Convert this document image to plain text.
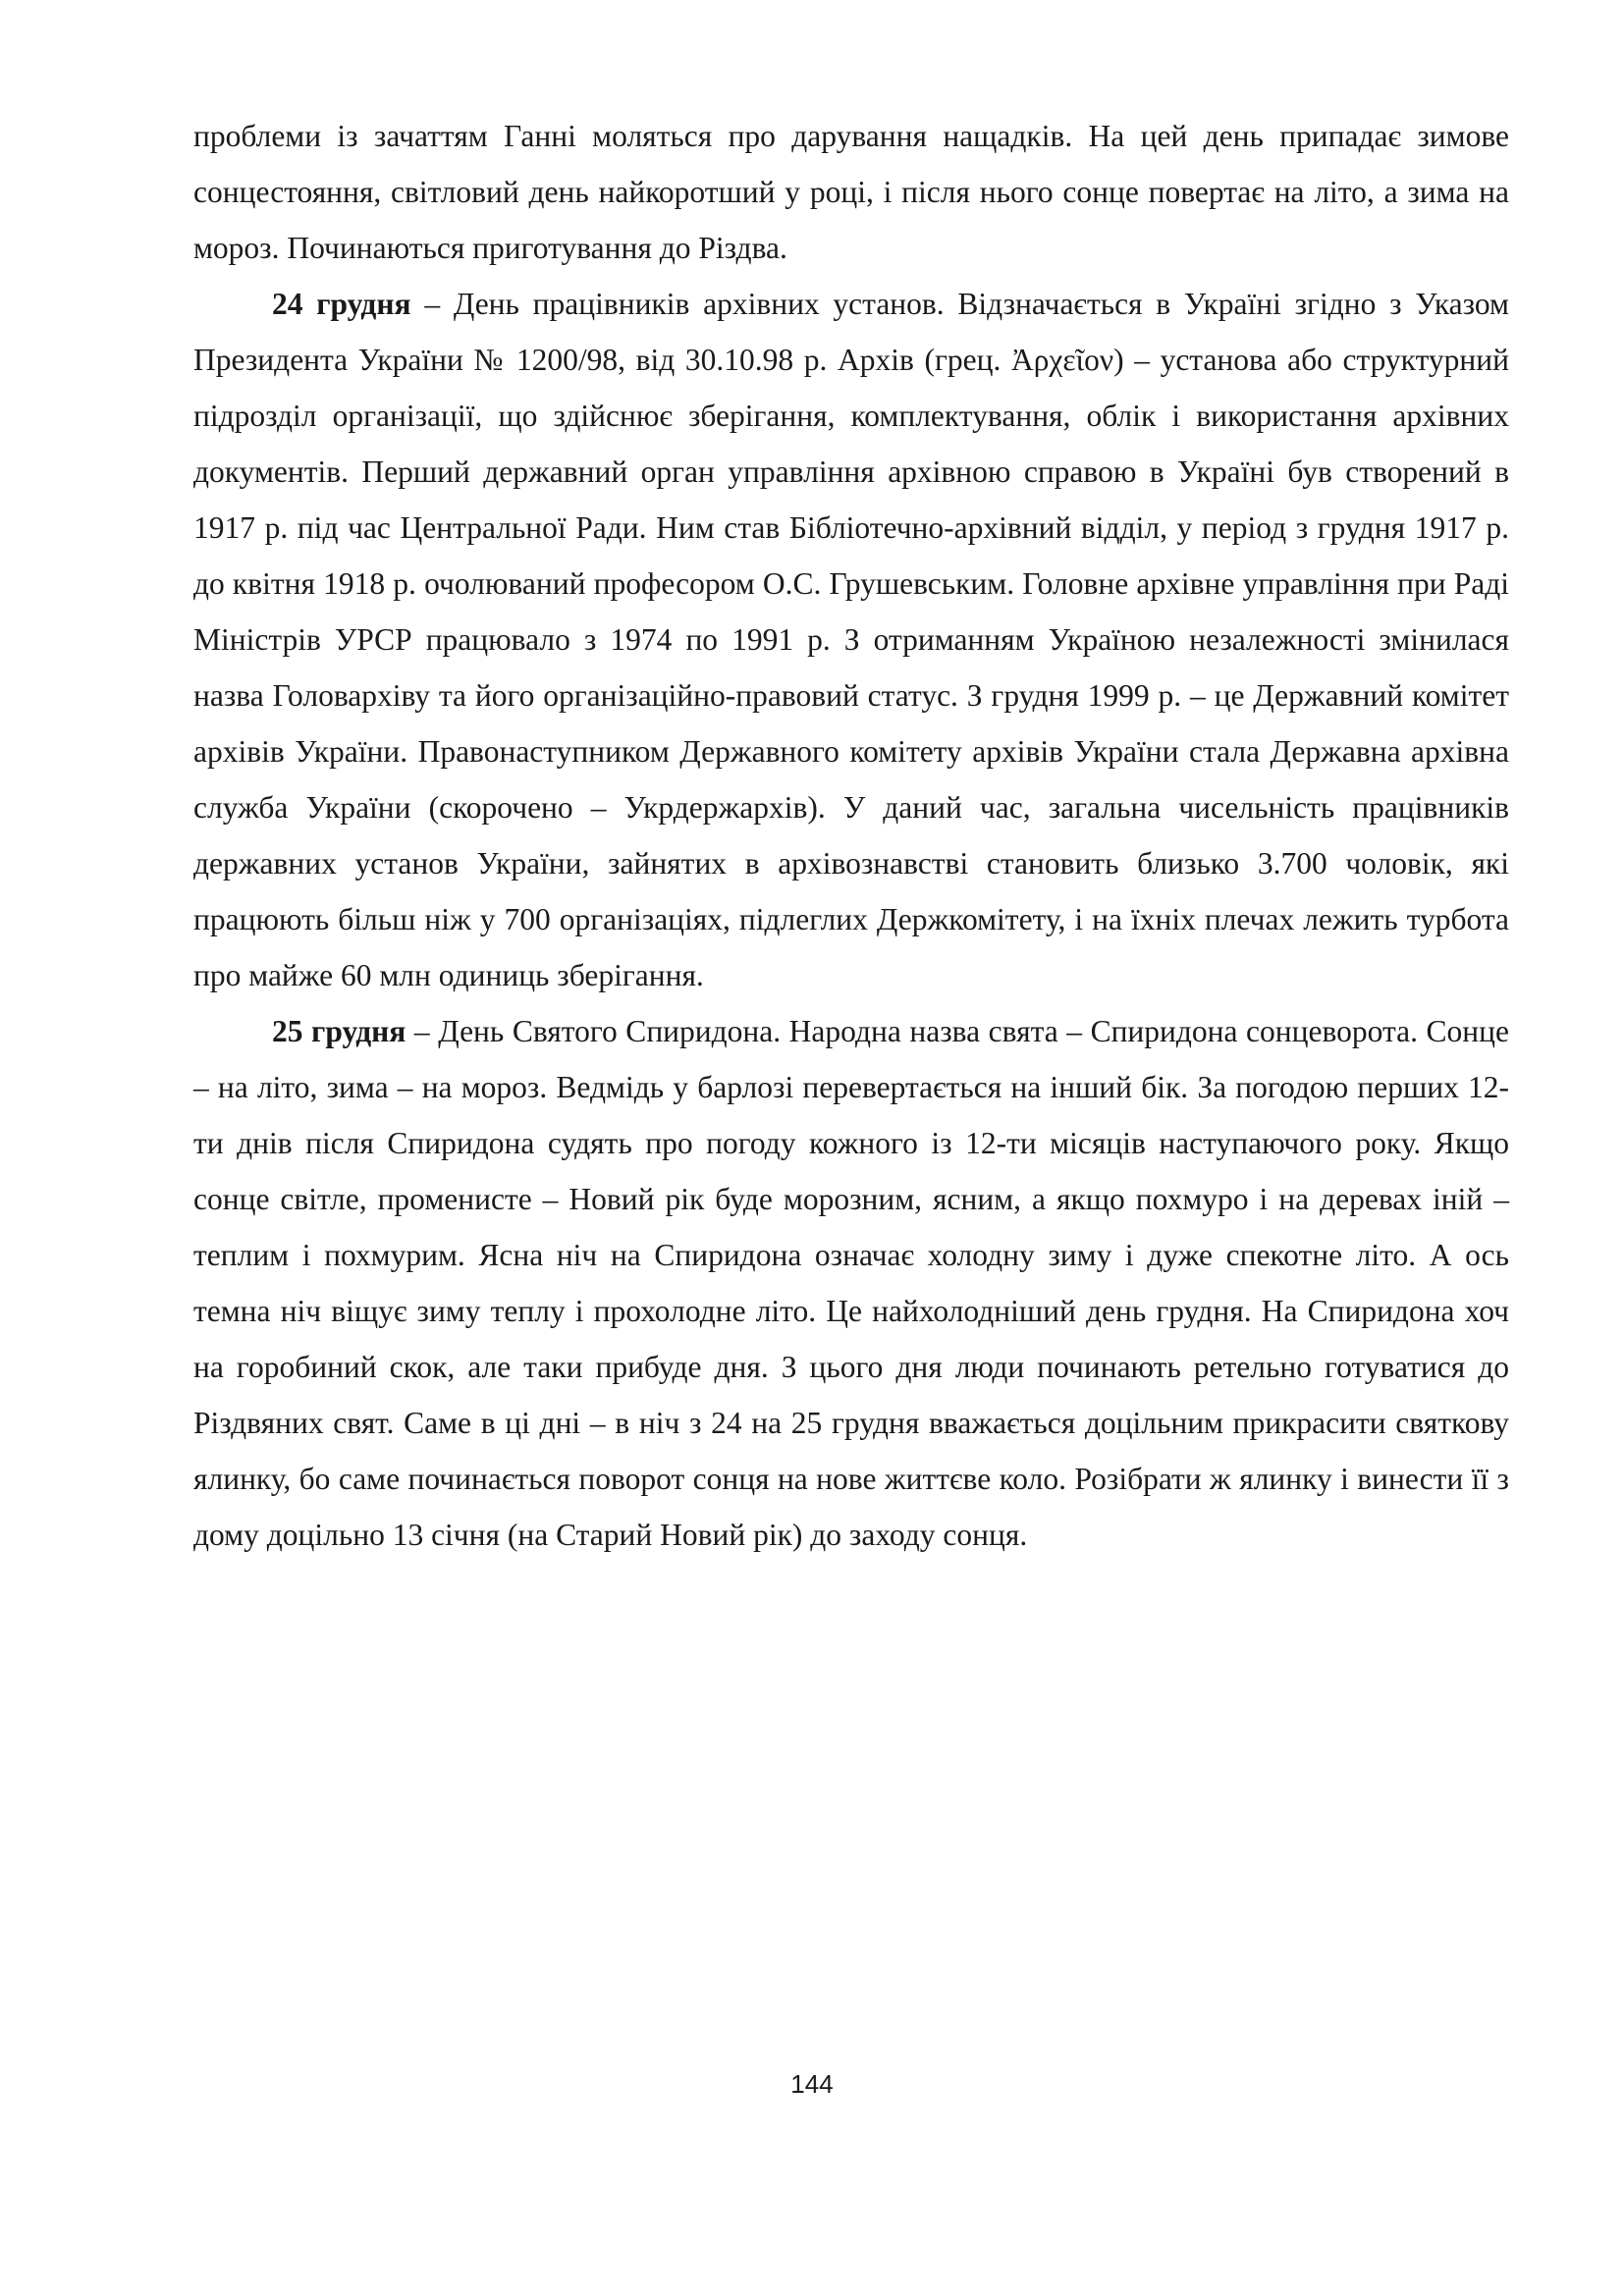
проблеми із зачаттям Ганні моляться про дарування нащадків. На цей день припадає зимове сонцестояння, світловий день найкоротший у році, і після нього сонце повертає на літо, а зима на мороз. Починаються приготування до Різдва.

24 грудня – День працівників архівних установ. Відзначається в Україні згідно з Указом Президента України № 1200/98, від 30.10.98 р. Архів (грец. Ἀρχεῖον) – установа або структурний підрозділ організації, що здійснює зберігання, комплектування, облік і використання архівних документів. Перший державний орган управління архівною справою в Україні був створений в 1917 р. під час Центральної Ради. Ним став Бібліотечно-архівний відділ, у період з грудня 1917 р. до квітня 1918 р. очолюваний професором О.С. Грушевським. Головне архівне управління при Раді Міністрів УРСР працювало з 1974 по 1991 р. З отриманням Україною незалежності змінилася назва Головархіву та його організаційно-правовий статус. З грудня 1999 р. – це Державний комітет архівів України. Правонаступником Державного комітету архівів України стала Державна архівна служба України (скорочено – Укрдержархів). У даний час, загальна чисельність працівників державних установ України, зайнятих в архівознавстві становить близько 3.700 чоловік, які працюють більш ніж у 700 організаціях, підлеглих Держкомітету, і на їхніх плечах лежить турбота про майже 60 млн одиниць зберігання.

25 грудня – День Святого Спиридона. Народна назва свята – Спиридона сонцеворота. Сонце – на літо, зима – на мороз. Ведмідь у барлозі перевертається на інший бік. За погодою перших 12-ти днів після Спиридона судять про погоду кожного із 12-ти місяців наступаючого року. Якщо сонце світле, променисте – Новий рік буде морозним, ясним, а якщо похмуро і на деревах іній – теплим і похмурим. Ясна ніч на Спиридона означає холодну зиму і дуже спекотне літо. А ось темна ніч віщує зиму теплу і прохолодне літо. Це найхолодніший день грудня. На Спиридона хоч на горобиний скок, але таки прибуде дня. З цього дня люди починають ретельно готуватися до Різдвяних свят. Саме в ці дні – в ніч з 24 на 25 грудня вважається доцільним прикрасити святкову ялинку, бо саме починається поворот сонця на нове життєве коло. Розібрати ж ялинку і винести її з дому доцільно 13 січня (на Старий Новий рік) до заходу сонця.

144
